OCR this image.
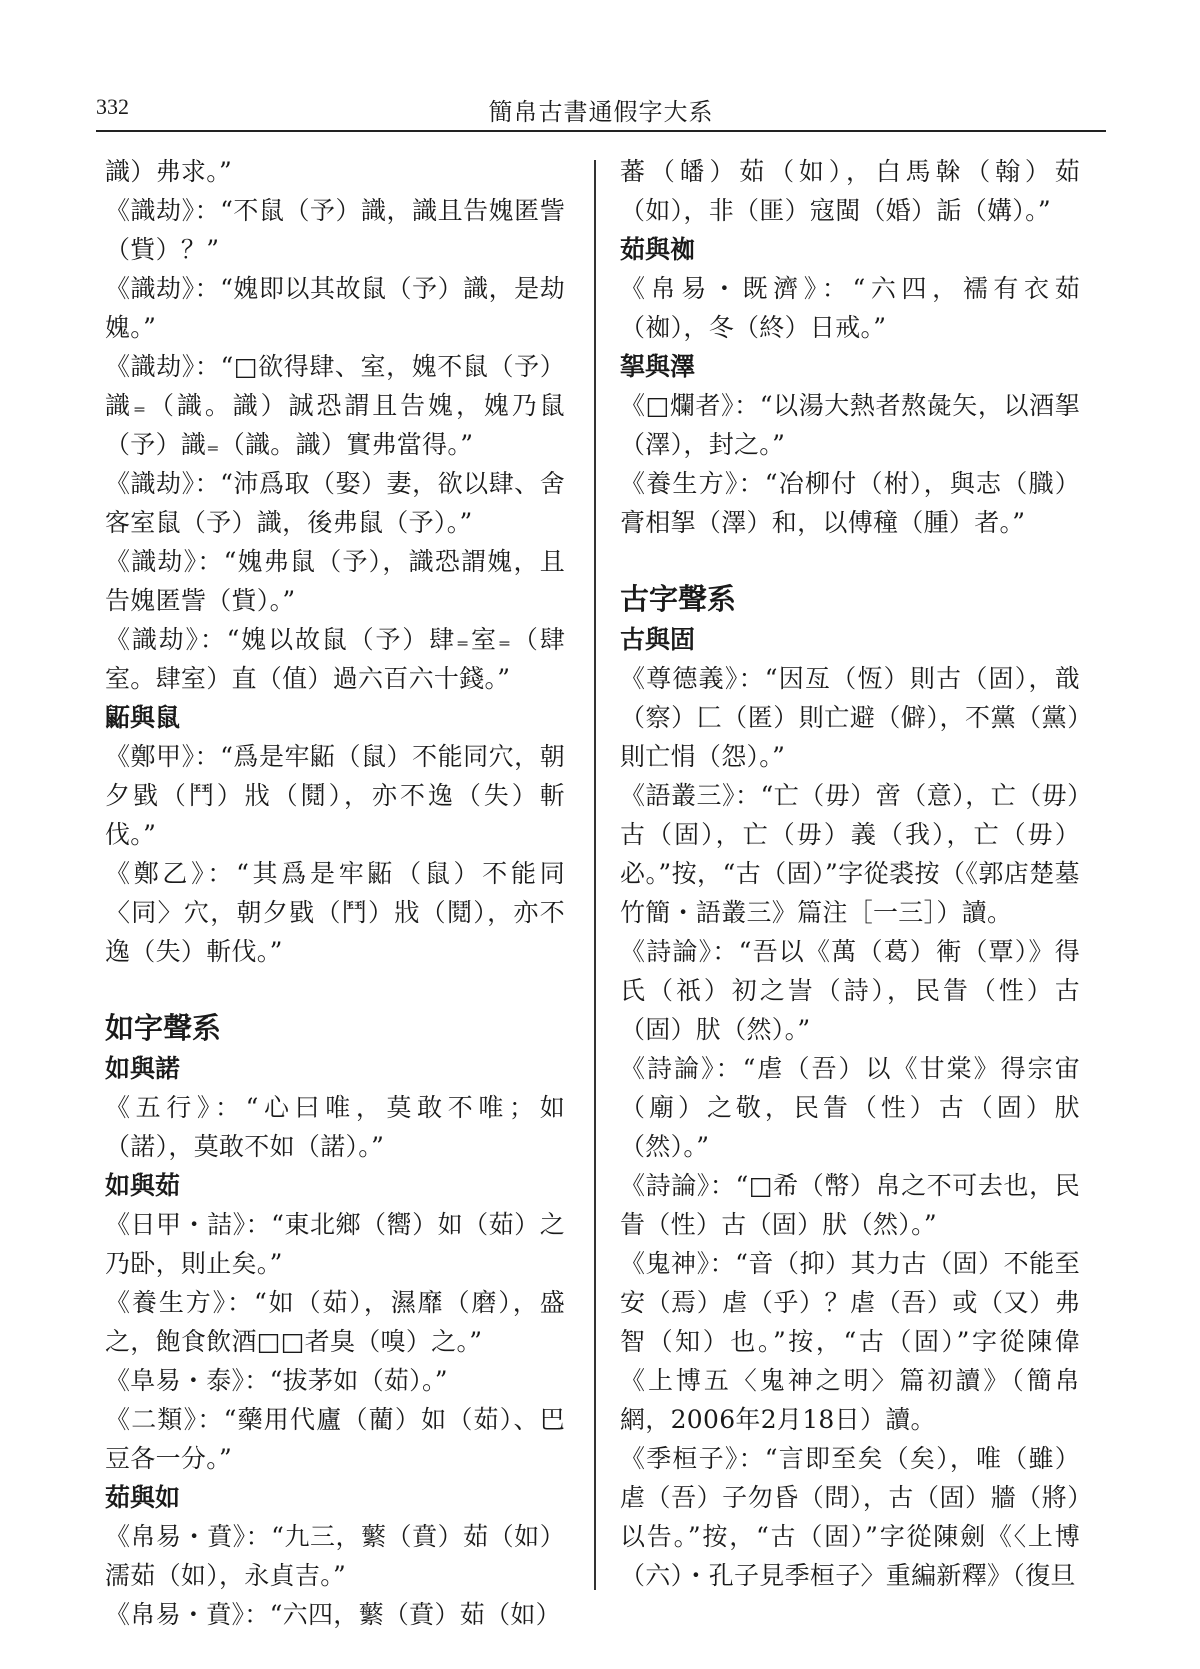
332	簡帛古書通假字大系

識）弗求。”

《識劫》：“不鼠（予）識，識且告媿匿訾（貲）？”

《識劫》：“媿即以其故鼠（予）識，是劫媿。”

《識劫》：“□欲得肆、室，媿不鼠（予）識₌（識。識）誠恐謂且告媿，媿乃鼠（予）識₌（識。識）實弗當得。”

《識劫》：“沛爲取（娶）妻，欲以肆、舍客室鼠（予）識，後弗鼠（予）。”

《識劫》：“媿弗鼠（予），識恐謂媿，且告媿匿訾（貲）。”

《識劫》：“媿以故鼠（予）肆₌室₌（肆室。肆室）直（值）過六百六十錢。”

鼫與鼠

《鄭甲》：“爲是牢鼫（鼠）不能同穴，朝夕戥（鬥）戕（鬩），亦不逸（失）斬伐。”

《鄭乙》：“其爲是牢鼫（鼠）不能同〈同〉穴，朝夕戥（鬥）戕（鬩），亦不逸（失）斬伐。”

如字聲系
如與諾

《五行》：“心曰唯，莫敢不唯；如（諾），莫敢不如（諾）。”

如與茹

《日甲・詰》：“東北鄉（嚮）如（茹）之乃卧，則止矣。”

《養生方》：“如（茹），濕靡（磨），盛之，飽食飲酒□□者臭（嗅）之。”

《阜易・泰》：“拔茅如（茹）。”

《二類》：“藥用代廬（藺）如（茹）、巴豆各一分。”

茹與如

《帛易・賁》：“九三，蘩（賁）茹（如）濡茹（如），永貞吉。”

《帛易・賁》：“六四，蘩（賁）茹（如）

蕃（皤）茹（如），白馬榦（翰）茹（如），非（匪）寇閩（婚）詬（媾）。”

茹與袽

《帛易・既濟》：“六四，襦有衣茹（袽），冬（終）日戒。”

挐與澤

《□爛者》：“以湯大熱者熬彘矢，以酒挐（澤），封之。”

《養生方》：“冶柳付（柎），與志（膱）膏相挐（澤）和，以傅穜（腫）者。”

古字聲系
古與固

《尊德義》：“因亙（恆）則古（固），戠（察）匚（匿）則亡避（僻），不黨（黨）則亡悁（怨）。”

《語叢三》：“亡（毋）啻（意），亡（毋）古（固），亡（毋）義（我），亡（毋）必。”按，“古（固）”字從裘按（《郭店楚墓竹簡・語叢三》篇注［一三］）讀。

《詩論》：“吾以《萬（葛）䡓（覃）》得氏（祇）初之訔（詩），民眚（性）古（固）肰（然）。”

《詩論》：“虐（吾）以《甘棠》得宗宙（廟）之敬，民眚（性）古（固）肰（然）。”

《詩論》：“□希（幣）帛之不可去也，民眚（性）古（固）肰（然）。”

《鬼神》：“音（抑）其力古（固）不能至安（焉）虐（乎）？虐（吾）或（又）弗智（知）也。”按，“古（固）”字從陳偉《上博五〈鬼神之明〉篇初讀》（簡帛網，2006年2月18日）讀。

《季桓子》：“言即至矣（矣），唯（雖）虐（吾）子勿昏（問），古（固）牆（將）以告。”按，“古（固）”字從陳劍《〈上博（六）・孔子見季桓子〉重編新釋》（復旦
